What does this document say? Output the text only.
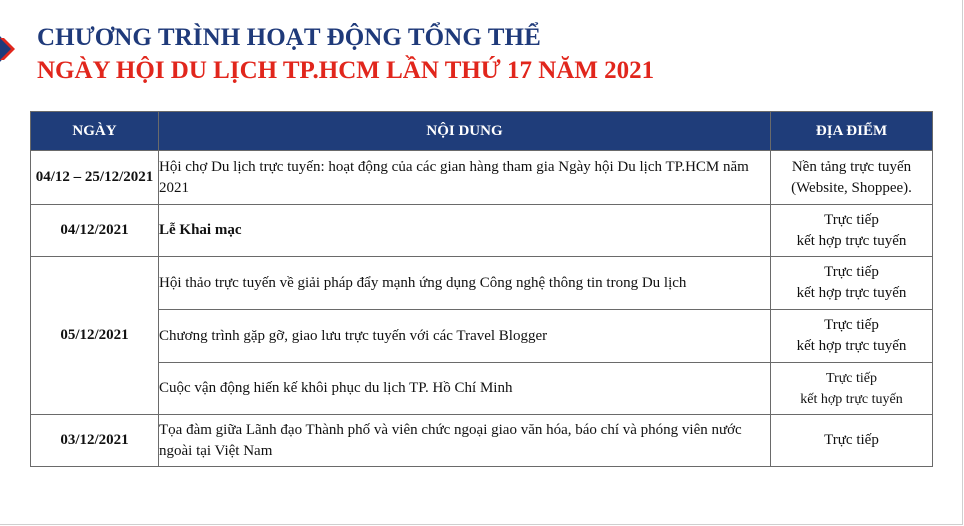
CHƯƠNG TRÌNH HOẠT ĐỘNG TỔNG THỂ
NGÀY HỘI DU LỊCH TP.HCM LẦN THỨ 17 NĂM 2021
NGÀY	NỘI DUNG	ĐỊA ĐIỂM
04/12 – 25/12/2021	Hội chợ Du lịch trực tuyến: hoạt động của các gian hàng tham gia Ngày hội Du lịch TP.HCM năm 2021	Nền tảng trực tuyến
(Website, Shoppee).

04/12/2021	Lễ Khai mạc	Trực tiếp
kết hợp trực tuyến

05/12/2021	Hội thảo trực tuyến về giải pháp đẩy mạnh ứng dụng Công nghệ thông tin trong Du lịch	Trực tiếp
kết hợp trực tuyến

	Chương trình gặp gỡ, giao lưu trực tuyến với các Travel Blogger	Trực tiếp
kết hợp trực tuyến

	Cuộc vận động hiến kế khôi phục du lịch TP. Hồ Chí Minh	Trực tiếp
kết hợp trực tuyến

03/12/2021	Tọa đàm giữa Lãnh đạo Thành phố và viên chức ngoại giao văn hóa, báo chí và phóng viên nước ngoài tại Việt Nam	Trực tiếp
